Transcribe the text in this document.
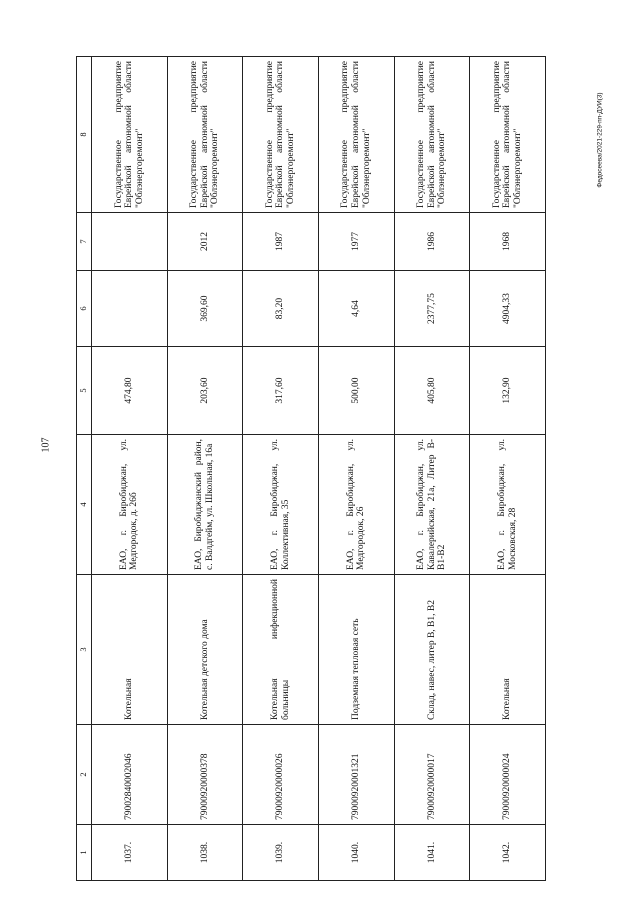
107
Федосеева/2021-229-пп-ДУИ(3)
1	2	3	4	5	6	7	8
1037.	79002840002046	Котельная	ЕАО, г. Биробиджан, ул. Медгородок, д. 26б	474,80			Государственное предприятие Еврейской автономной области "Облэнергоремонт"
1038.	79000920000378	Котельная детского дома	ЕАО, Биробиджанский район, с. Валдгейм, ул. Школьная, 16а	203,60	369,60	2012	Государственное предприятие Еврейской автономной области "Облэнергоремонт"
1039.	79000920000026	Котельная инфекционной больницы	ЕАО, г. Биробиджан, ул. Коллективная, 35	317,60	83,20	1987	Государственное предприятие Еврейской автономной области "Облэнергоремонт"
1040.	79000920001321	Подземная тепловая сеть	ЕАО, г. Биробиджан, ул. Медгородок, 26	500,00	4,64	1977	Государственное предприятие Еврейской автономной области "Облэнергоремонт"
1041.	79000920000017	Склад, навес, литер В, В1, В2	ЕАО, г. Биробиджан, ул. Кавалерийская, 21а, Литер В-В1-В2	405,80	2377,75	1986	Государственное предприятие Еврейской автономной области "Облэнергоремонт"
1042.	79000920000024	Котельная	ЕАО, г. Биробиджан, ул. Московская, 28	132,90	4904,33	1968	Государственное предприятие Еврейской автономной области "Облэнергоремонт"
